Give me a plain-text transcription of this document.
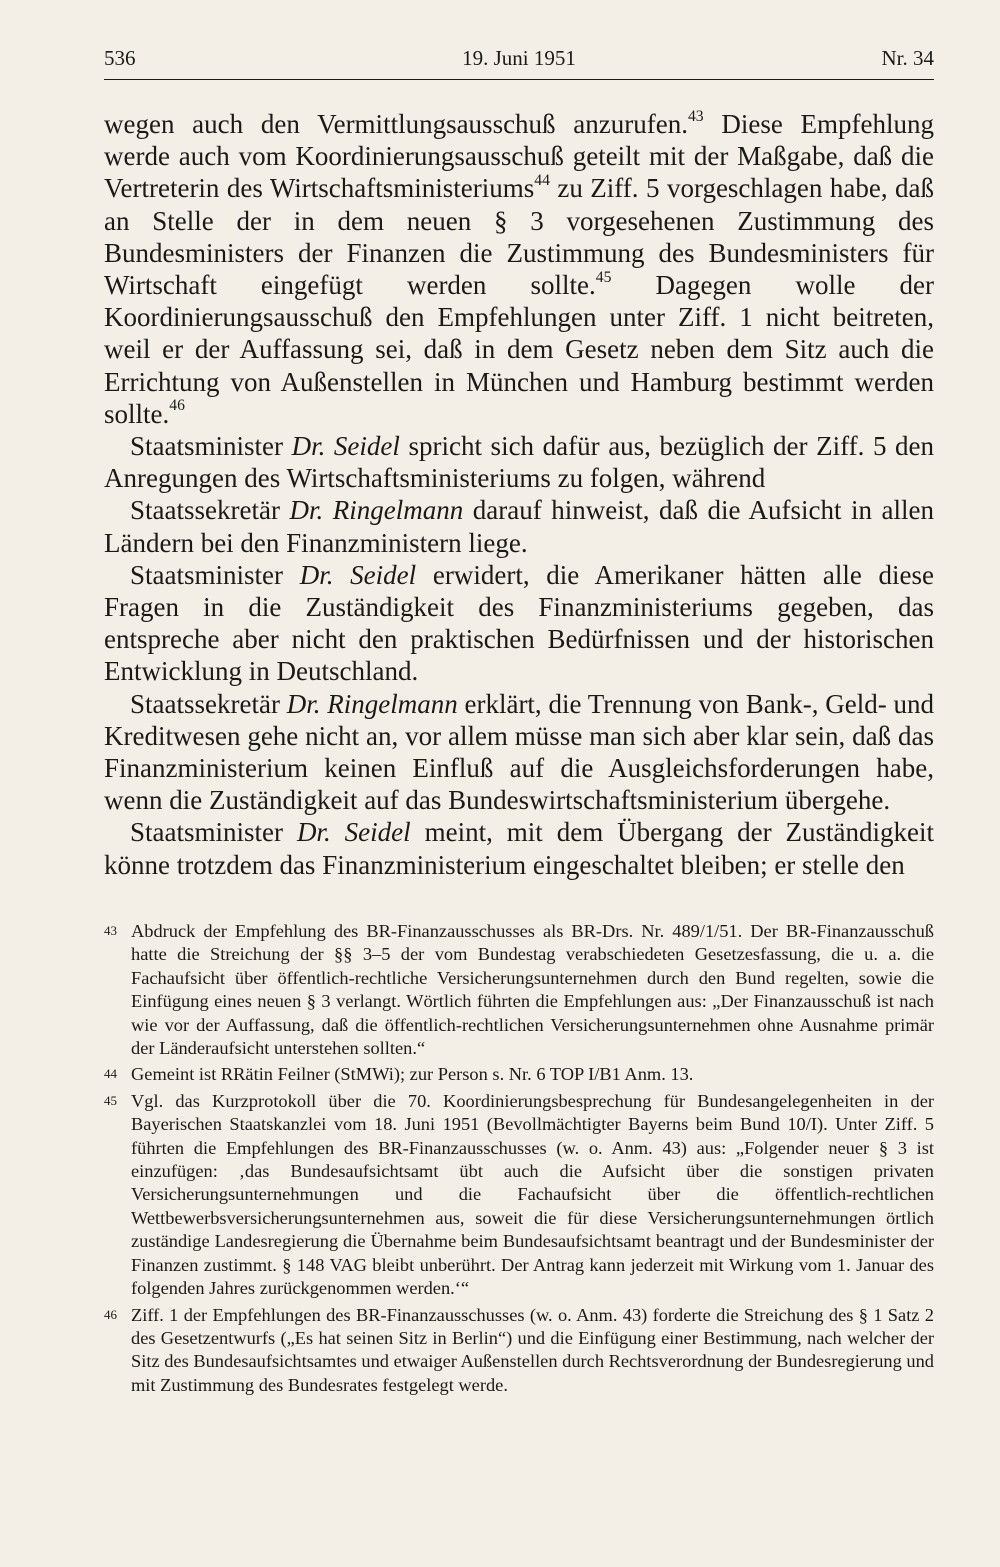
536	19. Juni 1951	Nr. 34

wegen auch den Vermittlungsausschuß anzurufen.$^{43}$ Diese Empfehlung werde auch vom Koordinierungsausschuß geteilt mit der Maßgabe, daß die Vertreterin des Wirtschaftsministeriums$^{44}$ zu Ziff. 5 vorgeschlagen habe, daß an Stelle der in dem neuen § 3 vorgesehenen Zustimmung des Bundesministers der Finanzen die Zustimmung des Bundesministers für Wirtschaft eingefügt werden sollte.$^{45}$ Dagegen wolle der Koordinierungsausschuß den Empfehlungen unter Ziff. 1 nicht beitreten, weil er der Auffassung sei, daß in dem Gesetz neben dem Sitz auch die Errichtung von Außenstellen in München und Hamburg bestimmt werden sollte.$^{46}$

Staatsminister Dr. Seidel spricht sich dafür aus, bezüglich der Ziff. 5 den Anregungen des Wirtschaftsministeriums zu folgen, während

Staatssekretär Dr. Ringelmann darauf hinweist, daß die Aufsicht in allen Ländern bei den Finanzministern liege.

Staatsminister Dr. Seidel erwidert, die Amerikaner hätten alle diese Fragen in die Zuständigkeit des Finanzministeriums gegeben, das entspreche aber nicht den praktischen Bedürfnissen und der historischen Entwicklung in Deutschland.

Staatssekretär Dr. Ringelmann erklärt, die Trennung von Bank-, Geld- und Kreditwesen gehe nicht an, vor allem müsse man sich aber klar sein, daß das Finanzministerium keinen Einfluß auf die Ausgleichsforderungen habe, wenn die Zuständigkeit auf das Bundeswirtschaftsministerium übergehe.

Staatsminister Dr. Seidel meint, mit dem Übergang der Zuständigkeit könne trotzdem das Finanzministerium eingeschaltet bleiben; er stelle den

43 Abdruck der Empfehlung des BR-Finanzausschusses als BR-Drs. Nr. 489/1/51. Der BR-Finanzausschuß hatte die Streichung der §§ 3–5 der vom Bundestag verabschiedeten Gesetzesfassung, die u. a. die Fachaufsicht über öffentlich-rechtliche Versicherungsunternehmen durch den Bund regelten, sowie die Einfügung eines neuen § 3 verlangt. Wörtlich führten die Empfehlungen aus: „Der Finanzausschuß ist nach wie vor der Auffassung, daß die öffentlich-rechtlichen Versicherungsunternehmen ohne Ausnahme primär der Länderaufsicht unterstehen sollten.“
44 Gemeint ist RRätin Feilner (StMWi); zur Person s. Nr. 6 TOP I/B1 Anm. 13.
45 Vgl. das Kurzprotokoll über die 70. Koordinierungsbesprechung für Bundesangelegenheiten in der Bayerischen Staatskanzlei vom 18. Juni 1951 (Bevollmächtigter Bayerns beim Bund 10/I). Unter Ziff. 5 führten die Empfehlungen des BR-Finanzausschusses (w. o. Anm. 43) aus: „Folgender neuer § 3 ist einzufügen: ‚das Bundesaufsichtsamt übt auch die Aufsicht über die sonstigen privaten Versicherungsunternehmungen und die Fachaufsicht über die öffentlich-rechtlichen Wettbewerbsversicherungsunternehmen aus, soweit die für diese Versicherungsunternehmungen örtlich zuständige Landesregierung die Übernahme beim Bundesaufsichtsamt beantragt und der Bundesminister der Finanzen zustimmt. § 148 VAG bleibt unberührt. Der Antrag kann jederzeit mit Wirkung vom 1. Januar des folgenden Jahres zurückgenommen werden.‘“
46 Ziff. 1 der Empfehlungen des BR-Finanzausschusses (w. o. Anm. 43) forderte die Streichung des § 1 Satz 2 des Gesetzentwurfs („Es hat seinen Sitz in Berlin“) und die Einfügung einer Bestimmung, nach welcher der Sitz des Bundesaufsichtsamtes und etwaiger Außenstellen durch Rechtsverordnung der Bundesregierung und mit Zustimmung des Bundesrates festgelegt werde.
